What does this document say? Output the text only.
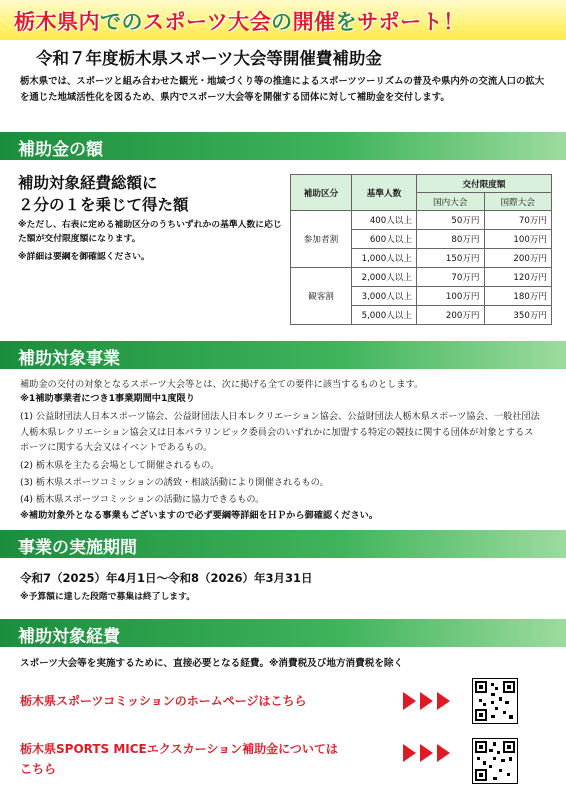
栃木県内でのスポーツ大会の開催をサポート！
令和７年度栃木県スポーツ大会等開催費補助金
栃木県では、スポーツと組み合わせた観光・地域づくり等の推進によるスポーツツーリズムの普及や県内外の交流人口の拡大を通じた地域活性化を図るため、県内でスポーツ大会等を開催する団体に対して補助金を交付します。
補助金の額
補助対象経費総額に
２分の１を乗じて得た額
※ただし、右表に定める補助区分のうちいずれかの基準人数に応じた額が交付限度額になります。
※詳細は要綱を御確認ください。
補助区分	基準人数	交付限度額	
		国内大会	国際大会
参加者割	400人以上	50万円	70万円
	600人以上	80万円	100万円
	1,000人以上	150万円	200万円
観客割	2,000人以上	70万円	120万円
	3,000人以上	100万円	180万円
	5,000人以上	200万円	350万円
補助対象事業
補助金の交付の対象となるスポーツ大会等とは、次に掲げる全ての要件に該当するものとします。
※1補助事業者につき1事業期間中1度限り
(1) 公益財団法人日本スポーツ協会、公益財団法人日本レクリエーション協会、公益財団法人栃木県スポーツ協会、一般社団法人栃木県レクリエーション協会又は日本パラリンピック委員会のいずれかに加盟する特定の競技に関する団体が対象とするスポーツに関する大会又はイベントであるもの。
(2) 栃木県を主たる会場として開催されるもの。
(3) 栃木県スポーツコミッションの誘致・相談活動により開催されるもの。
(4) 栃木県スポーツコミッションの活動に協力できるもの。
※補助対象外となる事業もございますので必ず要綱等詳細をＨＰから御確認ください。
事業の実施期間
令和7（2025）年4月1日～令和8（2026）年3月31日
※予算額に達した段階で募集は終了します。
補助対象経費
スポーツ大会等を実施するために、直接必要となる経費。※消費税及び地方消費税を除く
栃木県スポーツコミッションのホームページはこちら
栃木県SPORTS MICEエクスカーション補助金については
こちら
